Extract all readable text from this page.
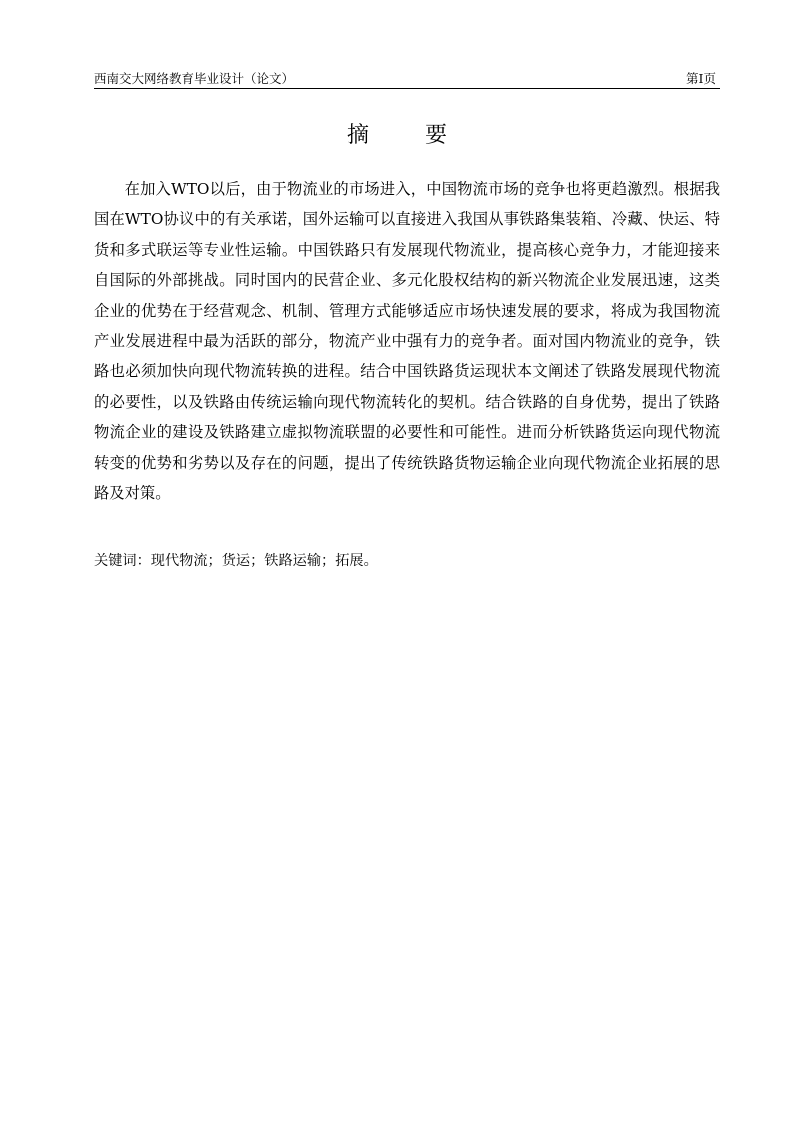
西南交大网络教育毕业设计（论文）	第I页
摘	要

在加入WTO以后，由于物流业的市场进入，中国物流市场的竞争也将更趋激烈。根据我国在WTO协议中的有关承诺，国外运输可以直接进入我国从事铁路集装箱、冷藏、快运、特货和多式联运等专业性运输。中国铁路只有发展现代物流业，提高核心竞争力，才能迎接来自国际的外部挑战。同时国内的民营企业、多元化股权结构的新兴物流企业发展迅速，这类企业的优势在于经营观念、机制、管理方式能够适应市场快速发展的要求，将成为我国物流产业发展进程中最为活跃的部分，物流产业中强有力的竞争者。面对国内物流业的竞争，铁路也必须加快向现代物流转换的进程。结合中国铁路货运现状本文阐述了铁路发展现代物流的必要性，以及铁路由传统运输向现代物流转化的契机。结合铁路的自身优势，提出了铁路物流企业的建设及铁路建立虚拟物流联盟的必要性和可能性。进而分析铁路货运向现代物流转变的优势和劣势以及存在的问题，提出了传统铁路货物运输企业向现代物流企业拓展的思路及对策。

关键词：现代物流；货运；铁路运输；拓展。
